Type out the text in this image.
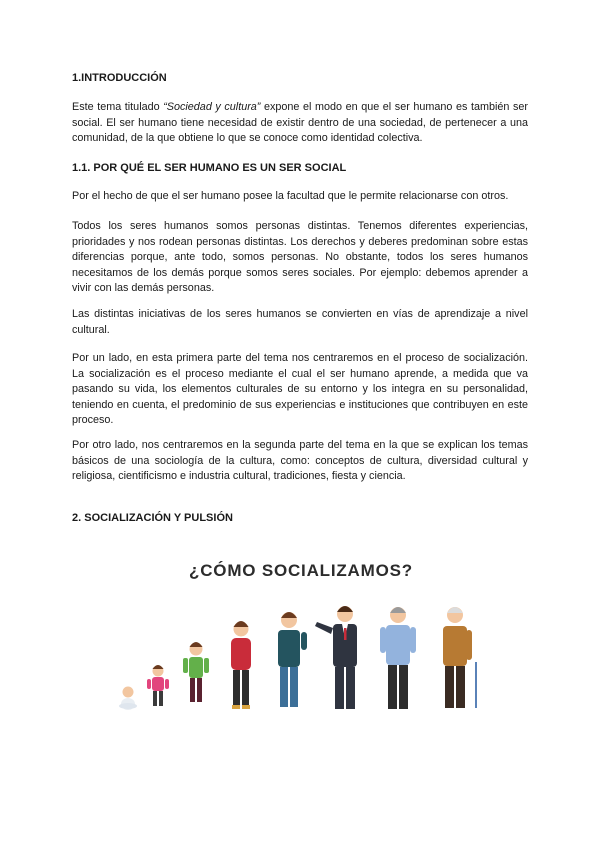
1.INTRODUCCIÓN

Este tema titulado “Sociedad y cultura” expone el modo en que el ser humano es también ser social. El ser humano tiene necesidad de existir dentro de una sociedad, de pertenecer a una comunidad, de la que obtiene lo que se conoce como identidad colectiva.

1.1. POR QUÉ EL SER HUMANO ES UN SER SOCIAL

Por el hecho de que el ser humano posee la facultad que le permite relacionarse con otros.

Todos los seres humanos somos personas distintas. Tenemos diferentes experiencias, prioridades y nos rodean personas distintas. Los derechos y deberes predominan sobre estas diferencias porque, ante todo, somos personas. No obstante, todos los seres humanos necesitamos de los demás porque somos seres sociales. Por ejemplo: debemos aprender a vivir con las demás personas.

Las distintas iniciativas de los seres humanos se convierten en vías de aprendizaje a nivel cultural.

Por un lado, en esta primera parte del tema nos centraremos en el proceso de socialización. La socialización es el proceso mediante el cual el ser humano aprende, a medida que va pasando su vida, los elementos culturales de su entorno y los integra en su personalidad, teniendo en cuenta, el predominio de sus experiencias e instituciones que contribuyen en este proceso.

Por otro lado, nos centraremos en la segunda parte del tema en la que se explican los temas básicos de una sociología de la cultura, como: conceptos de cultura, diversidad cultural y religiosa, cientificismo e industria cultural, tradiciones, fiesta y ciencia.

2. SOCIALIZACIÓN Y PULSIÓN
¿CÓMO SOCIALIZAMOS?
